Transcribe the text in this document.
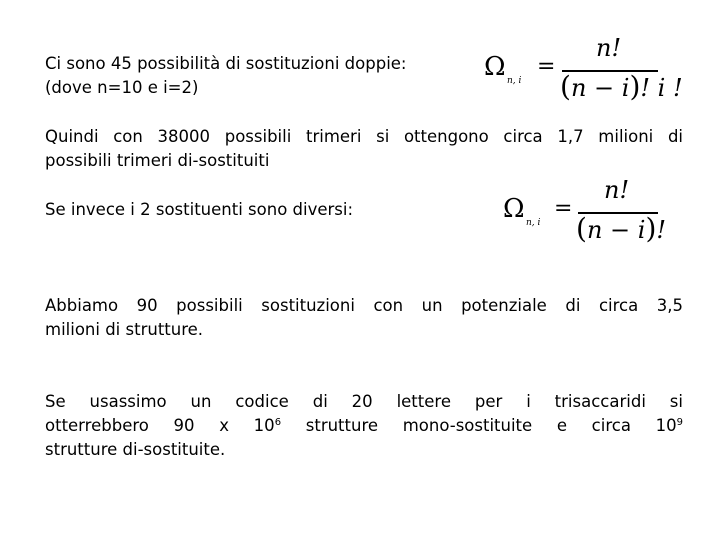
Ci sono 45 possibilità di sostituzioni doppie:
(dove n=10 e i=2)
Ω n, i
=
n!
(n − i)! i !
Quindi con 38000 possibili trimeri si ottengono circa 1,7 milioni di
possibili trimeri di-sostituiti
Se invece i 2 sostituenti sono diversi:	Ω n, i
=
n!
(n − i)!
Abbiamo 90 possibili sostituzioni con un potenziale di circa 3,5
milioni di strutture.
Se usassimo un codice di 20 lettere per i trisaccaridi si
otterrebbero 90 x $10^6$ strutture mono-sostituite e circa $10^9$
strutture di-sostituite.
